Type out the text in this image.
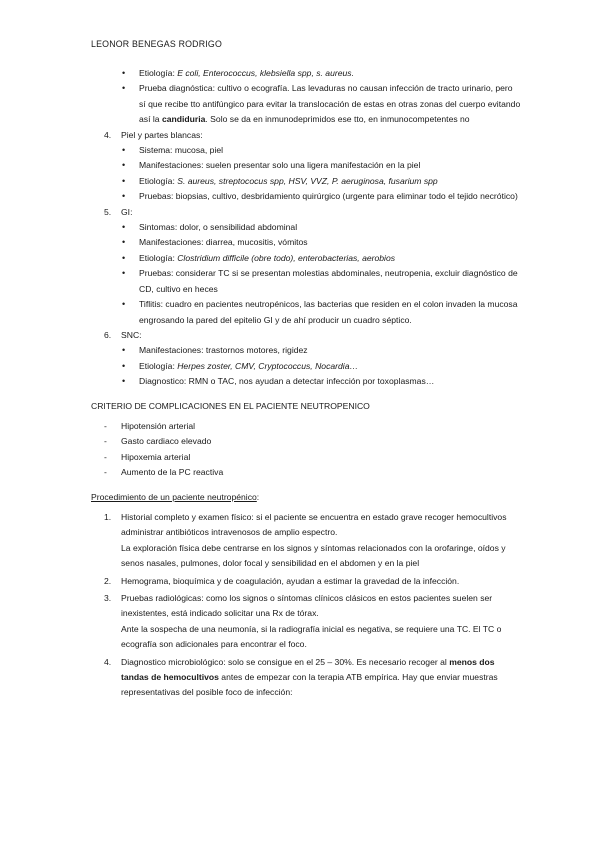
LEONOR BENEGAS RODRIGO
• Etiología: E coli, Enterococcus, klebsiella spp, s. aureus.
• Prueba diagnóstica: cultivo o ecografía. Las levaduras no causan infección de tracto urinario, pero sí que recibe tto antifúngico para evitar la translocación de estas en otras zonas del cuerpo evitando así la candiduria. Solo se da en inmunodeprimidos ese tto, en inmunocompetentes no
4. Piel y partes blancas:
• Sistema: mucosa, piel
• Manifestaciones: suelen presentar solo una ligera manifestación en la piel
• Etiología: S. aureus, streptococus spp, HSV, VVZ, P. aeruginosa, fusarium spp
• Pruebas: biopsias, cultivo, desbridamiento quirúrgico (urgente para eliminar todo el tejido necrótico)
5. GI:
• Sintomas: dolor, o sensibilidad abdominal
• Manifestaciones: diarrea, mucositis, vómitos
• Etiología: Clostridium difficile (obre todo), enterobacterias, aerobios
• Pruebas: considerar TC si se presentan molestias abdominales, neutropenia, excluir diagnóstico de CD, cultivo en heces
• Tiflitis: cuadro en pacientes neutropénicos, las bacterias que residen en el colon invaden la mucosa engrosando la pared del epitelio GI y de ahí producir un cuadro séptico.
6. SNC:
• Manifestaciones: trastornos motores, rigidez
• Etiología: Herpes zoster, CMV, Cryptococcus, Nocardia…
• Diagnostico: RMN o TAC, nos ayudan a detectar infección por toxoplasmas…
CRITERIO DE COMPLICACIONES EN EL PACIENTE NEUTROPENICO
- Hipotensión arterial
- Gasto cardiaco elevado
- Hipoxemia arterial
- Aumento de la PC reactiva
Procedimiento de un paciente neutropénico:
1. Historial completo y examen físico: si el paciente se encuentra en estado grave recoger hemocultivos administrar antibióticos intravenosos de amplio espectro.
La exploración física debe centrarse en los signos y síntomas relacionados con la orofaringe, oídos y senos nasales, pulmones, dolor focal y sensibilidad en el abdomen y en la piel
2. Hemograma, bioquímica y de coagulación, ayudan a estimar la gravedad de la infección.
3. Pruebas radiológicas: como los signos o síntomas clínicos clásicos en estos pacientes suelen ser inexistentes, está indicado solicitar una Rx de tórax.
Ante la sospecha de una neumonía, si la radiografía inicial es negativa, se requiere una TC. El TC o ecografía son adicionales para encontrar el foco.
4. Diagnostico microbiológico: solo se consigue en el 25 – 30%. Es necesario recoger al menos dos tandas de hemocultivos antes de empezar con la terapia ATB empírica. Hay que enviar muestras representativas del posible foco de infección:
